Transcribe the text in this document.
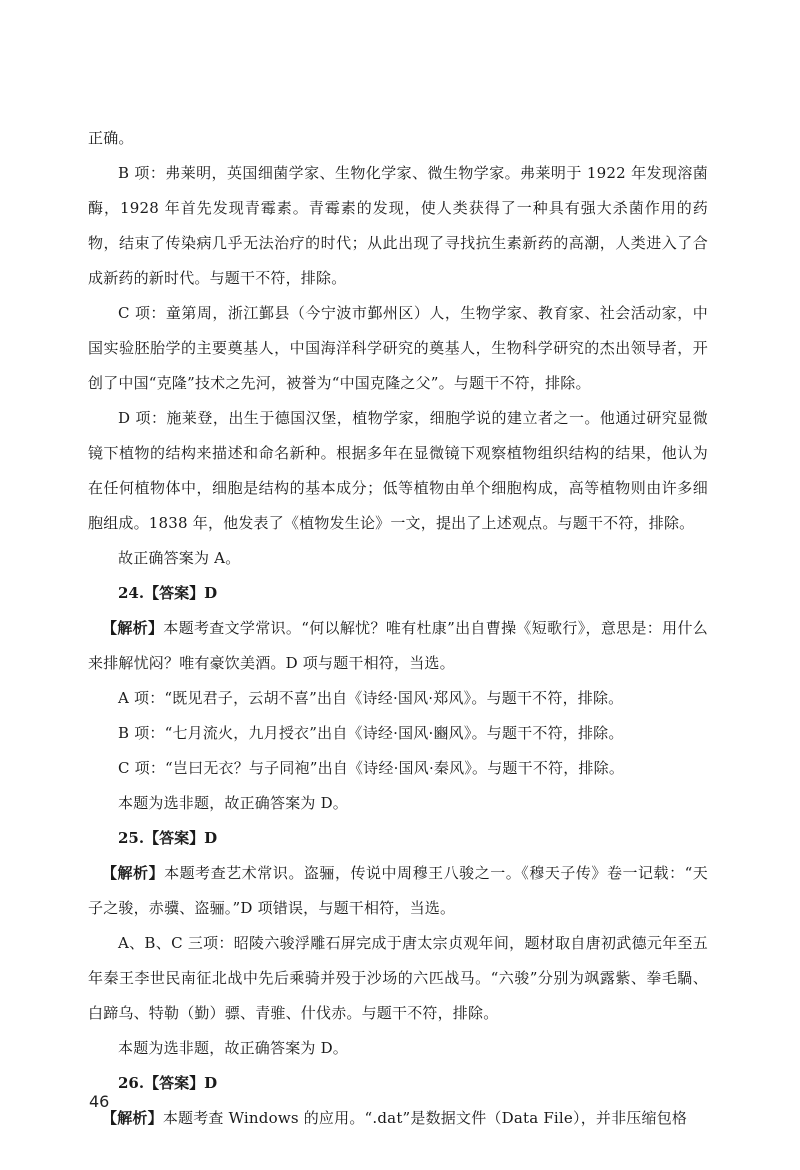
正确。

B 项：弗莱明，英国细菌学家、生物化学家、微生物学家。弗莱明于 1922 年发现溶菌酶，1928 年首先发现青霉素。青霉素的发现，使人类获得了一种具有强大杀菌作用的药物，结束了传染病几乎无法治疗的时代；从此出现了寻找抗生素新药的高潮，人类进入了合成新药的新时代。与题干不符，排除。

C 项：童第周，浙江鄞县（今宁波市鄞州区）人，生物学家、教育家、社会活动家，中国实验胚胎学的主要奠基人，中国海洋科学研究的奠基人，生物科学研究的杰出领导者，开创了中国“克隆”技术之先河，被誉为“中国克隆之父”。与题干不符，排除。

D 项：施莱登，出生于德国汉堡，植物学家，细胞学说的建立者之一。他通过研究显微镜下植物的结构来描述和命名新种。根据多年在显微镜下观察植物组织结构的结果，他认为在任何植物体中，细胞是结构的基本成分；低等植物由单个细胞构成，高等植物则由许多细胞组成。1838 年，他发表了《植物发生论》一文，提出了上述观点。与题干不符，排除。

故正确答案为 A。

24.【答案】D

【解析】本题考查文学常识。“何以解忧？唯有杜康”出自曹操《短歌行》，意思是：用什么来排解忧闷？唯有豪饮美酒。D 项与题干相符，当选。

A 项：“既见君子，云胡不喜”出自《诗经·国风·郑风》。与题干不符，排除。

B 项：“七月流火，九月授衣”出自《诗经·国风·豳风》。与题干不符，排除。

C 项：“岂曰无衣？与子同袍”出自《诗经·国风·秦风》。与题干不符，排除。

本题为选非题，故正确答案为 D。

25.【答案】D

【解析】本题考查艺术常识。盗骊，传说中周穆王八骏之一。《穆天子传》卷一记载：“天子之骏，赤骥、盗骊。”D 项错误，与题干相符，当选。

A、B、C 三项：昭陵六骏浮雕石屏完成于唐太宗贞观年间，题材取自唐初武德元年至五年秦王李世民南征北战中先后乘骑并殁于沙场的六匹战马。“六骏”分别为飒露紫、拳毛騧、白蹄乌、特勒（勤）骠、青骓、什伐赤。与题干不符，排除。

本题为选非题，故正确答案为 D。

26.【答案】D

【解析】本题考查 Windows 的应用。“.dat”是数据文件（Data File），并非压缩包格

46
